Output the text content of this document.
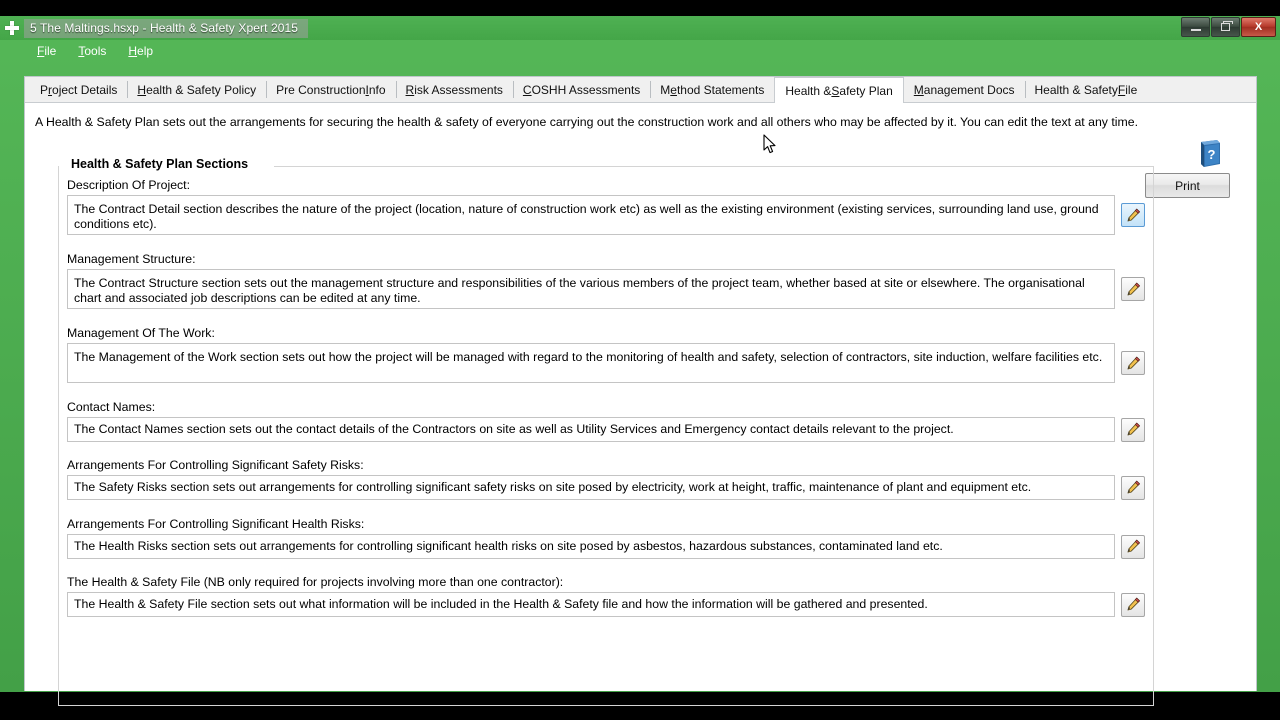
5 The Maltings.hsxp - Health & Safety Xpert 2015	X
File	Tools	Help
P r oject Details H ealth & Safety Policy Pre Construction I nfo R isk Assessments C OSHH Assessments M e thod Statements Health & S afety Plan M anagement Docs Health & Safety F ile
A Health & Safety Plan sets out the arrangements for securing the health & safety of everyone carrying out the construction work and all others who may be affected by it. You can edit the text at any time.
?
Print
Health & Safety Plan Sections
Description Of Project:
The Contract Detail section describes the nature of the project (location, nature of construction work etc) as well as the existing environment (existing services, surrounding land use, ground conditions etc).
Management Structure:
The Contract Structure section sets out the management structure and responsibilities of the various members of the project team, whether based at site or elsewhere. The organisational chart and associated job descriptions can be edited at any time.
Management Of The Work:
The Management of the Work section sets out how the project will be managed with regard to the monitoring of health and safety, selection of contractors, site induction, welfare facilities etc.
Contact Names:
The Contact Names section sets out the contact details of the Contractors on site as well as Utility Services and Emergency contact details relevant to the project.
Arrangements For Controlling Significant Safety Risks:
The Safety Risks section sets out arrangements for controlling significant safety risks on site posed by electricity, work at height, traffic, maintenance of plant and equipment etc.
Arrangements For Controlling Significant Health Risks:
The Health Risks section sets out arrangements for controlling significant health risks on site posed by asbestos, hazardous substances, contaminated land etc.
The Health & Safety File (NB only required for projects involving more than one contractor):
The Health & Safety File section sets out what information will be included in the Health & Safety file and how the information will be gathered and presented.
